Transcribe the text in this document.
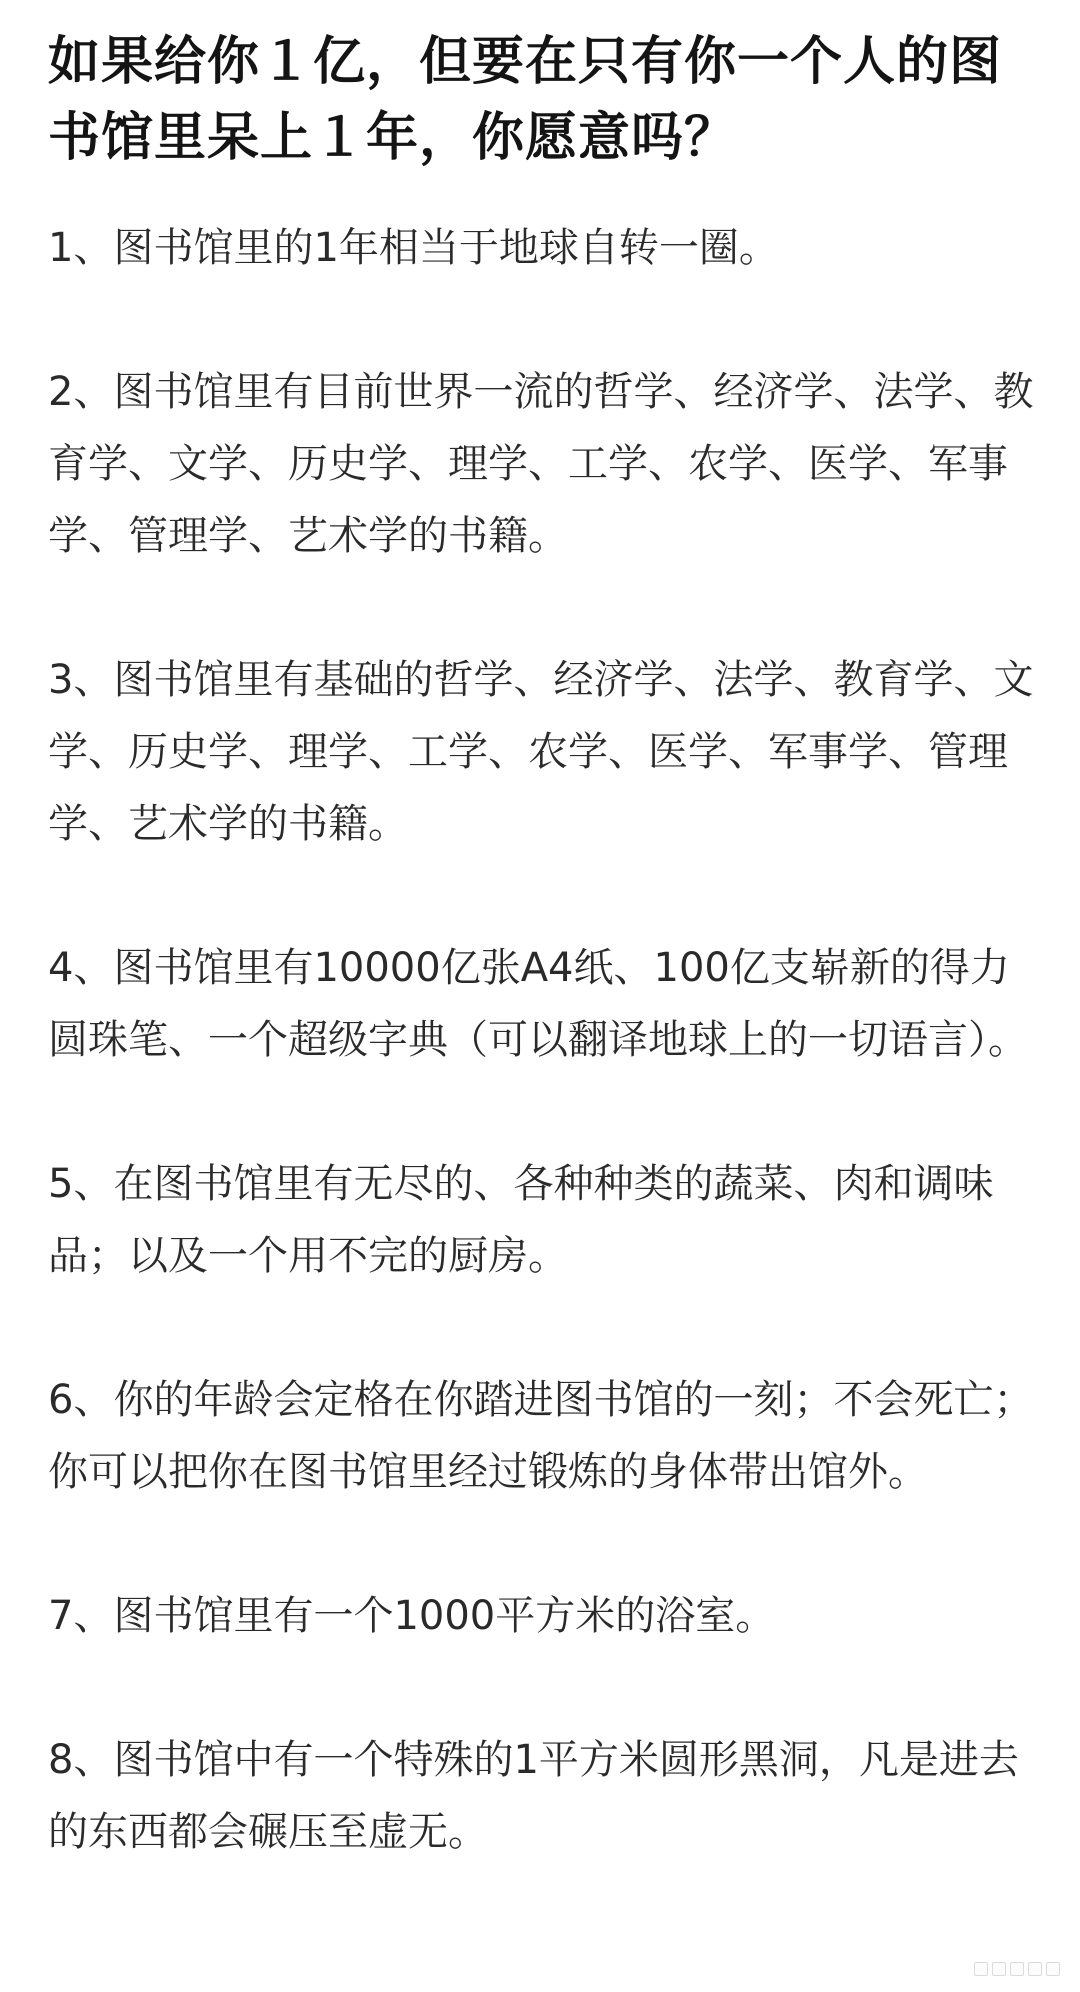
如果给你１亿，但要在只有你一个人的图书馆里呆上１年，你愿意吗？

1、图书馆里的1年相当于地球自转一圈。

2、图书馆里有目前世界一流的哲学、经济学、法学、教育学、文学、历史学、理学、工学、农学、医学、军事学、管理学、艺术学的书籍。

3、图书馆里有基础的哲学、经济学、法学、教育学、文学、历史学、理学、工学、农学、医学、军事学、管理学、艺术学的书籍。

4、图书馆里有10000亿张A4纸、100亿支崭新的得力圆珠笔、一个超级字典（可以翻译地球上的一切语言）。

5、在图书馆里有无尽的、各种种类的蔬菜、肉和调味品；以及一个用不完的厨房。

6、你的年龄会定格在你踏进图书馆的一刻；不会死亡；你可以把你在图书馆里经过锻炼的身体带出馆外。

7、图书馆里有一个1000平方米的浴室。

8、图书馆中有一个特殊的1平方米圆形黑洞，凡是进去的东西都会碾压至虚无。
